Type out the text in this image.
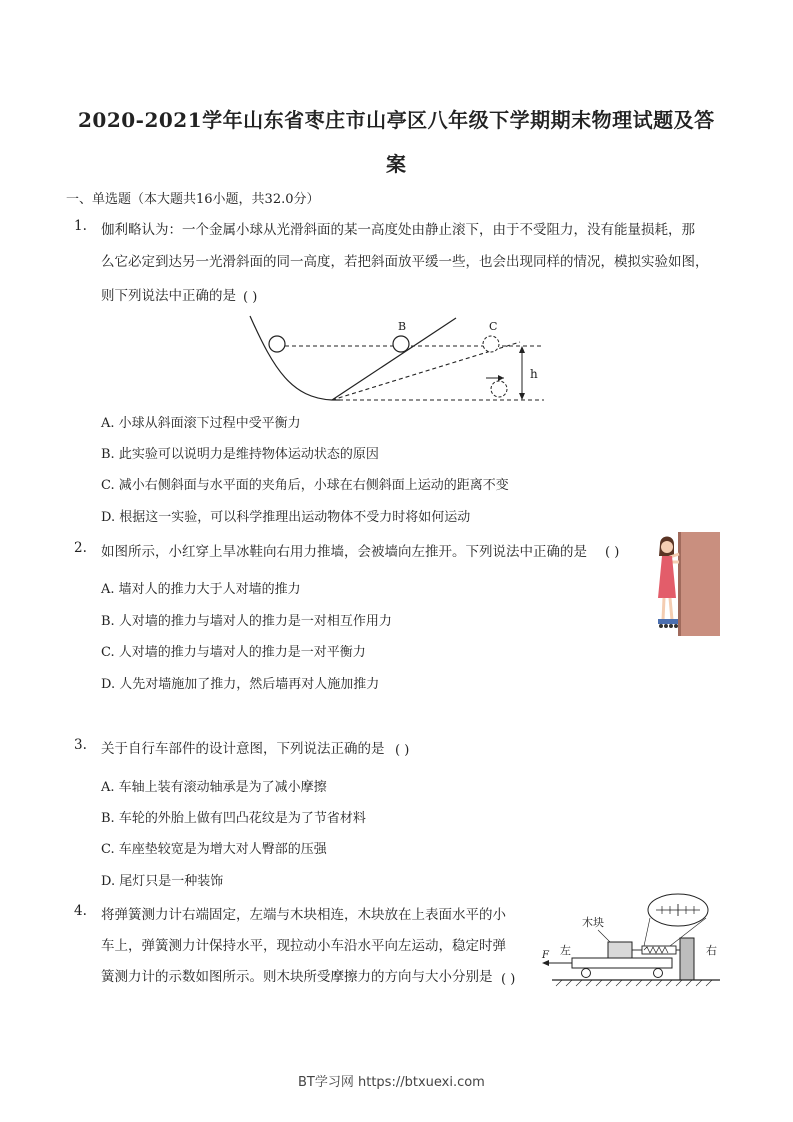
2020-2021学年山东省枣庄市山亭区八年级下学期期末物理试题及答
案
一、单选题（本大题共16小题，共32.0分）
1. 伽利略认为：一个金属小球从光滑斜面的某一高度处由静止滚下，由于不受阻力，没有能量损耗，那
么它必定到达另一光滑斜面的同一高度，若把斜面放平缓一些，也会出现同样的情况，模拟实验如图，
则下列说法中正确的是 ( )
B	C
h
A. 小球从斜面滚下过程中受平衡力
B. 此实验可以说明力是维持物体运动状态的原因
C. 减小右侧斜面与水平面的夹角后，小球在右侧斜面上运动的距离不变
D. 根据这一实验，可以科学推理出运动物体不受力时将如何运动
2. 如图所示，小红穿上旱冰鞋向右用力推墙，会被墙向左推开。下列说法中正确的是 ( )
A. 墙对人的推力大于人对墙的推力
B. 人对墙的推力与墙对人的推力是一对相互作用力
C. 人对墙的推力与墙对人的推力是一对平衡力
D. 人先对墙施加了推力，然后墙再对人施加推力
3. 关于自行车部件的设计意图，下列说法正确的是 ( )
A. 车轴上装有滚动轴承是为了减小摩擦
B. 车轮的外胎上做有凹凸花纹是为了节省材料
C. 车座垫较宽是为增大对人臀部的压强
D. 尾灯只是一种装饰
4. 将弹簧测力计右端固定，左端与木块相连，木块放在上表面水平的小
车上，弹簧测力计保持水平，现拉动小车沿水平向左运动，稳定时弹
簧测力计的示数如图所示。则木块所受摩擦力的方向与大小分别是 ( )
木块
F 左	右
BT学习网 https://btxuexi.com
